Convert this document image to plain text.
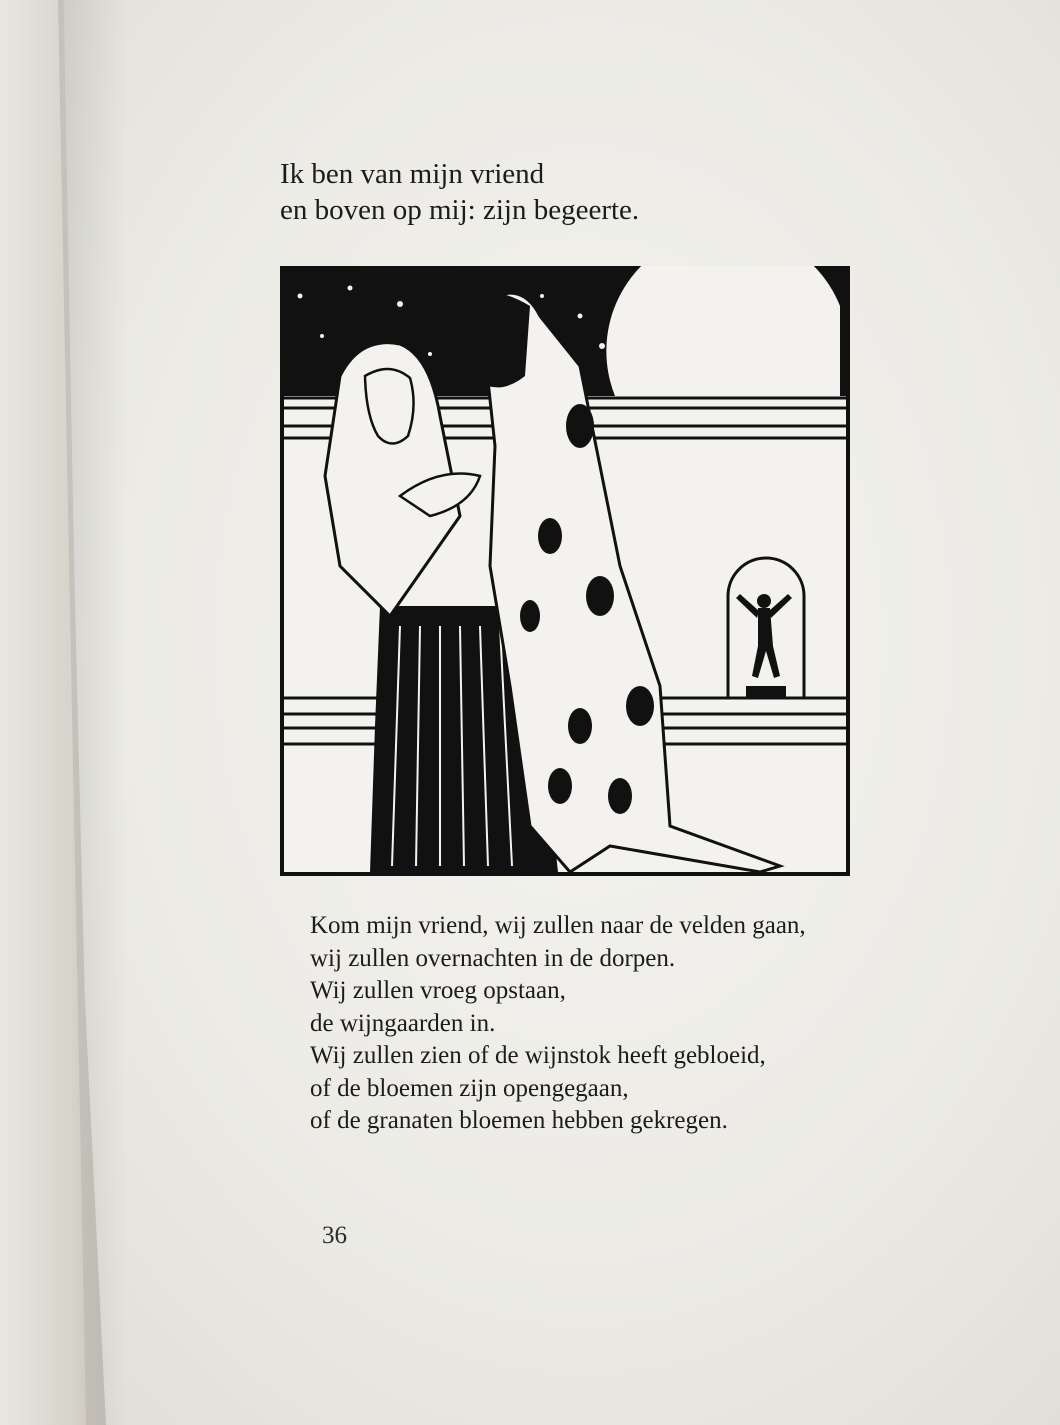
Ik ben van mijn vriend
en boven op mij: zijn begeerte.
Kom mijn vriend, wij zullen naar de velden gaan,
wij zullen overnachten in de dorpen.
Wij zullen vroeg opstaan,
de wijngaarden in.
Wij zullen zien of de wijnstok heeft gebloeid,
of de bloemen zijn opengegaan,
of de granaten bloemen hebben gekregen.
36
